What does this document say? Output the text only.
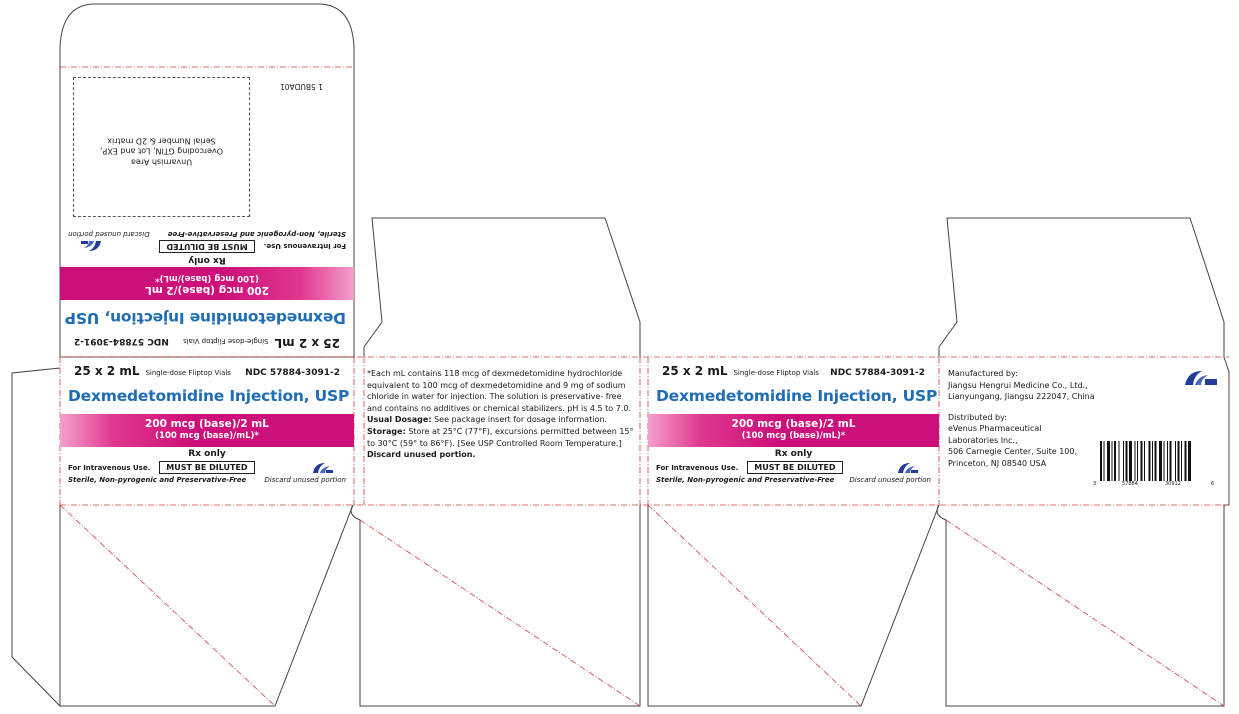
Unvarnish Area
Overcoding GTIN, Lot and EXP,
Serial Number & 2D matrix
1 5BUDA01
25 x 2 mL
Single-dose Fliptop Vials
NDC 57884-3091-2
Dexmedetomidine Injection, USP
200 mcg (base)/2 mL
(100 mcg (base)/mL)*
Rx only
For Intravenous Use.
MUST BE DILUTED
Sterile, Non-pyrogenic and Preservative-Free
Discard unused portion
25 x 2 mL Single-dose Fliptop Vials NDC 57884-3091-2
Dexmedetomidine Injection, USP
200 mcg (base)/2 mL
(100 mcg (base)/mL)*
Rx only
For Intravenous Use.	MUST BE DILUTED
Sterile, Non-pyrogenic and Preservative-Free	Discard unused portion
*Each mL contains 118 mcg of dexmedetomidine hydrochloride equivalent to 100 mcg of dexmedetomidine and 9 mg of sodium chloride in water for injection. The solution is preservative- free and contains no additives or chemical stabilizers. pH is 4.5 to 7.0.
Usual Dosage: See package insert for dosage information.
Storage: Store at 25°C (77°F), excursions permitted between 15° to 30°C (59° to 86°F). [See USP Controlled Room Temperature.]
Discard unused portion.
25 x 2 mL Single-dose Fliptop Vials NDC 57884-3091-2
Dexmedetomidine Injection, USP
200 mcg (base)/2 mL
(100 mcg (base)/mL)*
Rx only
For Intravenous Use.	MUST BE DILUTED
Sterile, Non-pyrogenic and Preservative-Free Discard unused portion

Manufactured by:

Jiangsu Hengrui Medicine Co., Ltd.,

Lianyungang, Jiangsu 222047, China

Distributed by:

eVenus Pharmaceutical

Laboratories Inc.,

506 Carnegie Center, Suite 100,

Princeton, NJ 08540 USA

3	57884	30912	6
